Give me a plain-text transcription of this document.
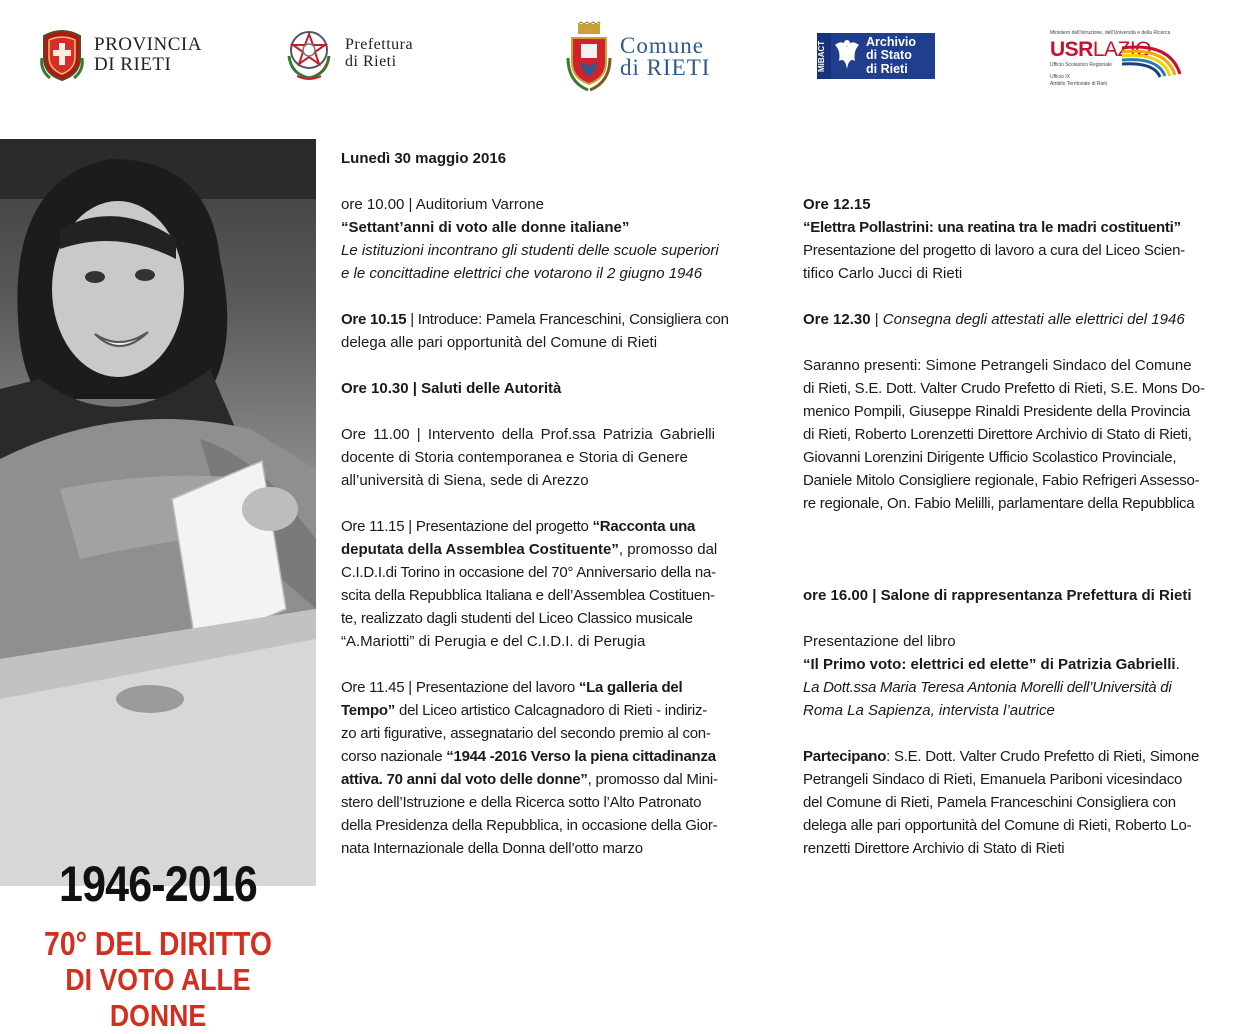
PROVINCIA
DI RIETI
Prefettura
di Rieti
Comune
di RIETI	MiBACT	Archivio
di Stato
di Rieti
Ministero dell'Istruzione, dell'Università e della Ricerca
USRLAZIO
Ufficio Scolastico Regionale
Ufficio IX
Ambito Territoriale di Rieti
1946-2016
70° DEL DIRITTO
DI VOTO ALLE DONNE

Lunedì 30 maggio 2016

ore 10.00 | Auditorium Varrone

“Settant’anni di voto alle donne italiane”

Le istituzioni incontrano gli studenti delle scuole superiori

e le concittadine elettrici che votarono il 2 giugno 1946

Ore 10.15 | Introduce: Pamela Franceschini, Consigliera con

delega alle pari opportunità del Comune di Rieti

Ore 10.30 | Saluti delle Autorità

Ore 11.00 | Intervento della Prof.ssa Patrizia Gabrielli

docente di Storia contemporanea e Storia di Genere

all’università di Siena, sede di Arezzo

Ore 11.15 | Presentazione del progetto “Racconta una

deputata della Assemblea Costituente”, promosso dal

C.I.D.I.di Torino in occasione del 70° Anniversario della na-

scita della Repubblica Italiana e dell’Assemblea Costituen-

te, realizzato dagli studenti del Liceo Classico musicale

“A.Mariotti” di Perugia e del C.I.D.I. di Perugia

Ore 11.45 | Presentazione del lavoro “La galleria del

Tempo” del Liceo artistico Calcagnadoro di Rieti - indiriz-

zo arti figurative, assegnatario del secondo premio al con-

corso nazionale “1944 -2016 Verso la piena cittadinanza

attiva. 70 anni dal voto delle donne”, promosso dal Mini-

stero dell’Istruzione e della Ricerca sotto l’Alto Patronato

della Presidenza della Repubblica, in occasione della Gior-

nata Internazionale della Donna dell’otto marzo

Ore 12.15

“Elettra Pollastrini: una reatina tra le madri costituenti”

Presentazione del progetto di lavoro a cura del Liceo Scien-

tifico Carlo Jucci di Rieti

Ore 12.30 | Consegna degli attestati alle elettrici del 1946

Saranno presenti: Simone Petrangeli Sindaco del Comune

di Rieti, S.E. Dott. Valter Crudo Prefetto di Rieti, S.E. Mons Do-

menico Pompili, Giuseppe Rinaldi Presidente della Provincia

di Rieti, Roberto Lorenzetti Direttore Archivio di Stato di Rieti,

Giovanni Lorenzini Dirigente Ufficio Scolastico Provinciale,

Daniele Mitolo Consigliere regionale, Fabio Refrigeri Assesso-

re regionale, On. Fabio Melilli, parlamentare della Repubblica

ore 16.00 | Salone di rappresentanza Prefettura di Rieti

Presentazione del libro

“Il Primo voto: elettrici ed elette” di Patrizia Gabrielli.

La Dott.ssa Maria Teresa Antonia Morelli dell’Università di

Roma La Sapienza, intervista l’autrice

Partecipano: S.E. Dott. Valter Crudo Prefetto di Rieti, Simone

Petrangeli Sindaco di Rieti, Emanuela Pariboni vicesindaco

del Comune di Rieti, Pamela Franceschini Consigliera con

delega alle pari opportunità del Comune di Rieti, Roberto Lo-

renzetti Direttore Archivio di Stato di Rieti
